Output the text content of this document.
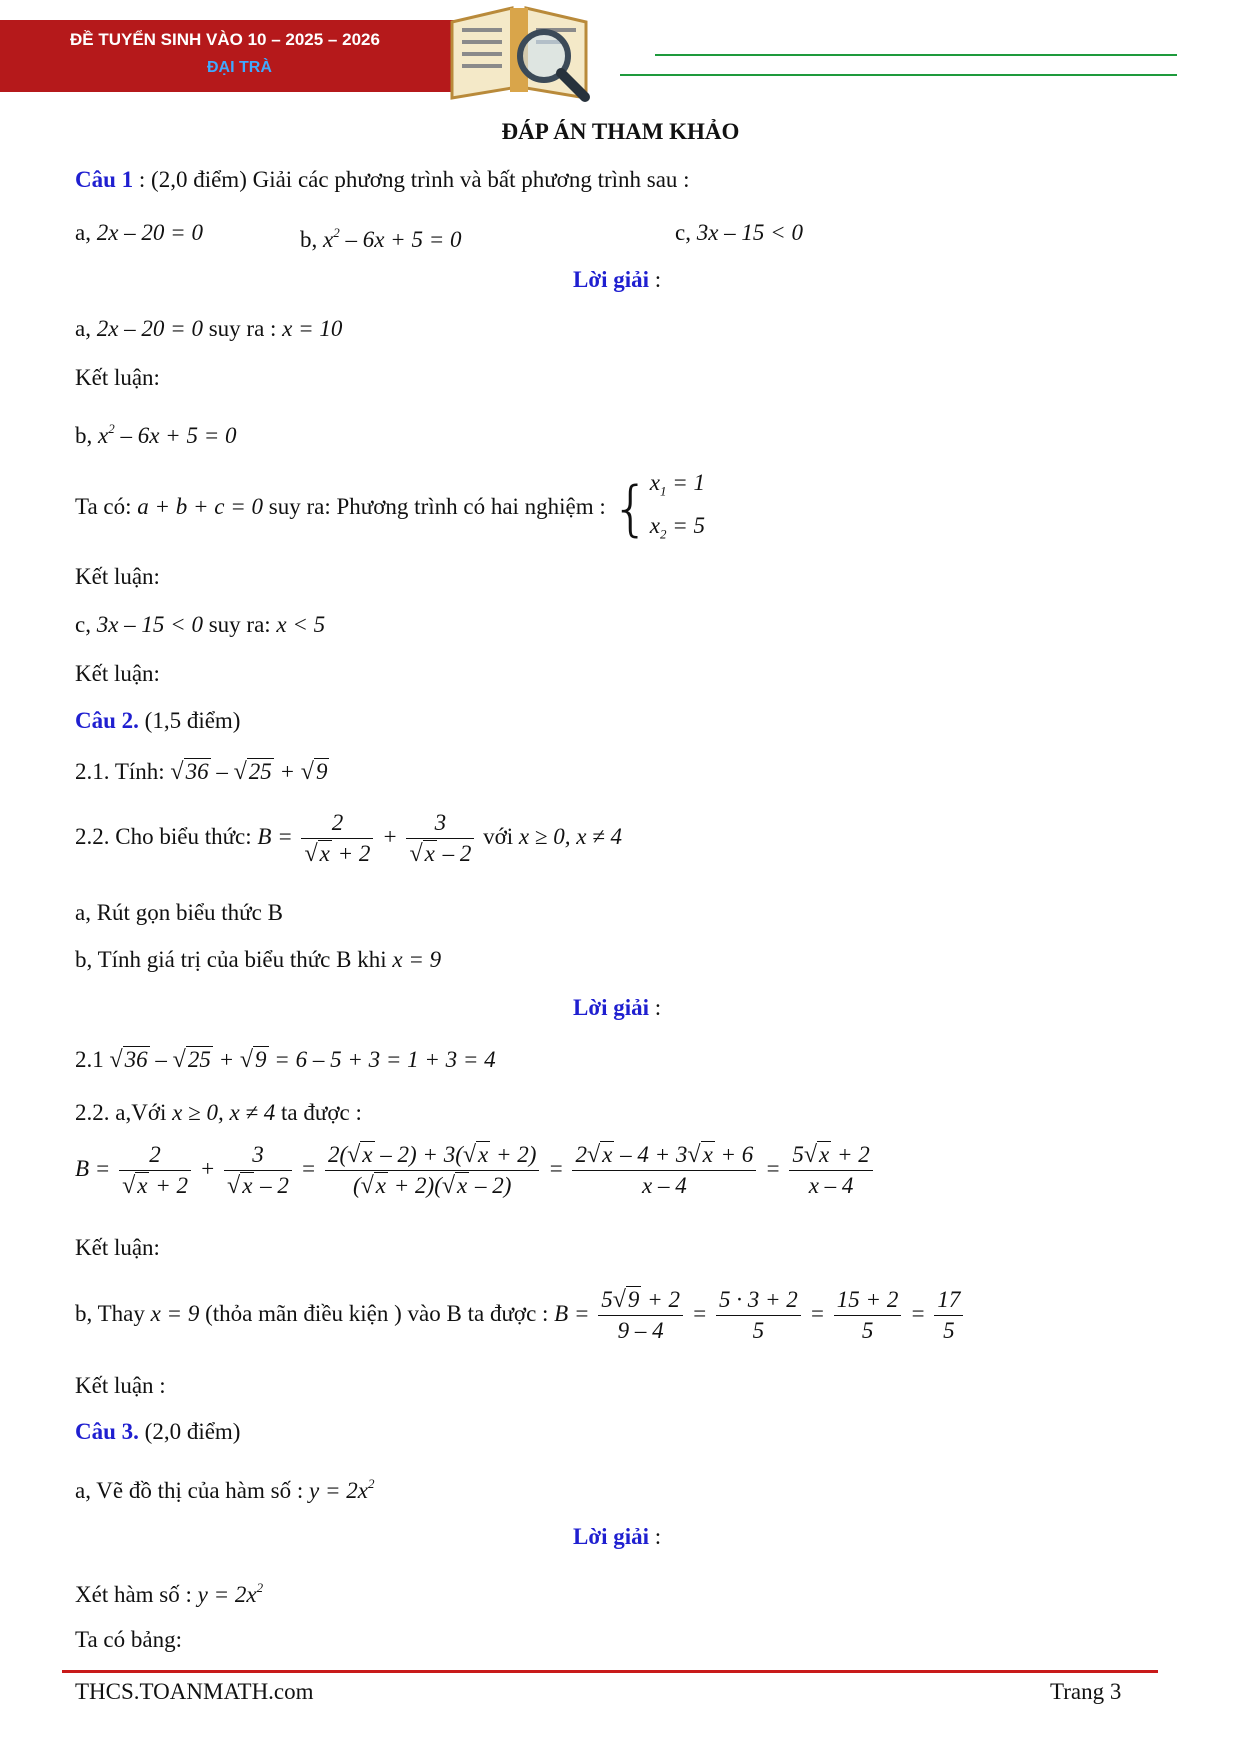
ĐỀ TUYỂN SINH VÀO 10 – 2025 – 2026
ĐẠI TRÀ
ĐÁP ÁN THAM KHẢO
Câu 1 : (2,0 điểm) Giải các phương trình và bất phương trình sau :
a, 2x – 20 = 0	b, $x^2 - 6x + 5 = 0$	c, 3x – 15 < 0
Lời giải :
a, 2x – 20 = 0 suy ra : x = 10
Kết luận:
b, $x^2 - 6x + 5 = 0$
Ta có: a + b + c = 0 suy ra: Phương trình có hai nghiệm : {$x_1 = 1$
$x_2 = 5$
Kết luận:
c, 3x – 15 < 0 suy ra: x < 5
Kết luận:
Câu 2. (1,5 điểm)
2.1. Tính: √36 – √25 + √9
2.2. Cho biểu thức: $B = \frac{2}{√x + 2} + \frac{3}{√x - 2}$ với x ≥ 0, x ≠ 4
a, Rút gọn biểu thức B
b, Tính giá trị của biểu thức B khi x = 9
Lời giải :
2.1 √36 – √25 + √9 = 6 – 5 + 3 = 1 + 3 = 4
2.2. a,Với x ≥ 0, x ≠ 4 ta được :
$B = \frac{2}{√x + 2} + \frac{3}{√x - 2} = \frac{2(√x - 2) + 3(√x + 2)}{(√x + 2)(√x - 2)} = \frac{2√x - 4 + 3√x + 6}{x - 4} = \frac{5√x + 2}{x - 4}$
Kết luận:
b, Thay x = 9 (thỏa mãn điều kiện ) vào B ta được : $B = \frac{5√9 + 2}{9 - 4} = \frac{5 \cdot 3 + 2}{5} = \frac{15 + 2}{5} = \frac{17}{5}$
Kết luận :
Câu 3. (2,0 điểm)
a, Vẽ đồ thị của hàm số : $y = 2x^2$
Lời giải :
Xét hàm số : $y = 2x^2$
Ta có bảng:
THCS.TOANMATH.com	Trang 3
